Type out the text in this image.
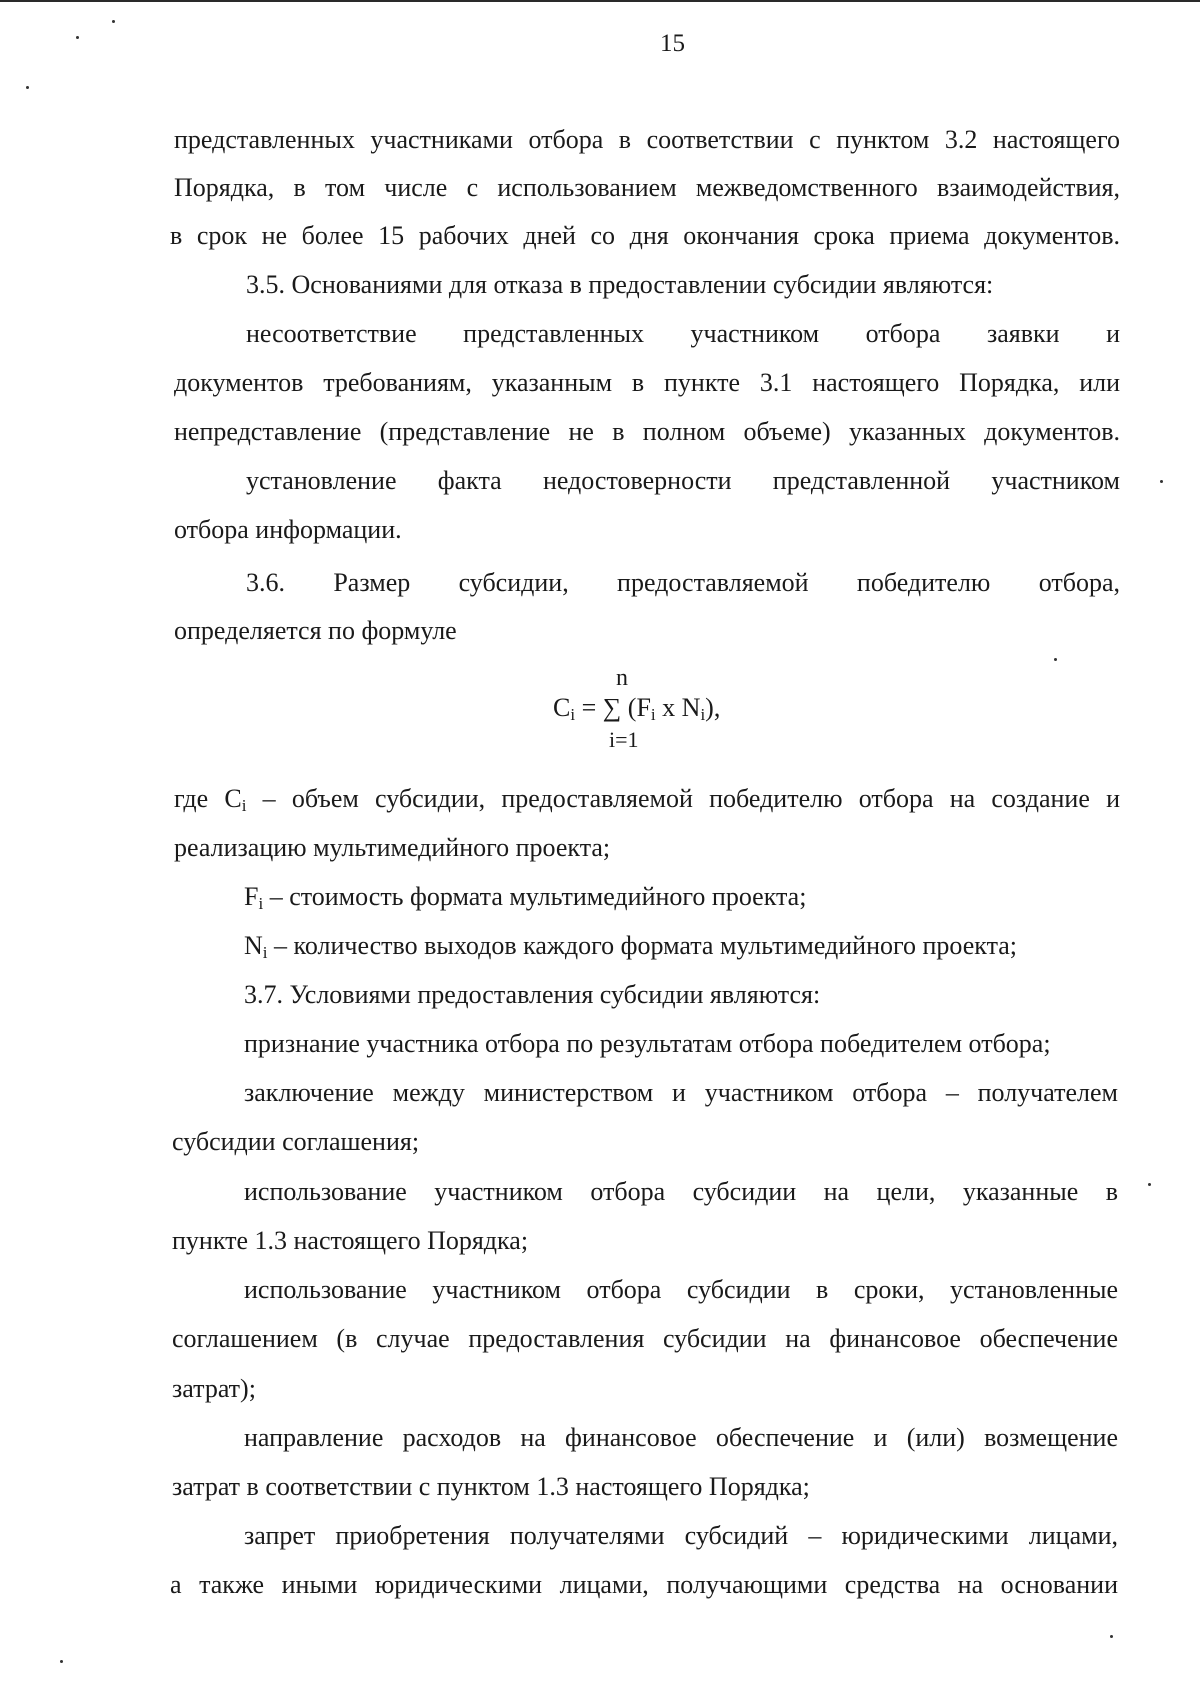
15
представленных участниками отбора в соответствии с пунктом 3.2 настоящего
Порядка, в том числе с использованием межведомственного взаимодействия,
в срок не более 15 рабочих дней со дня окончания срока приема документов.
3.5. Основаниями для отказа в предоставлении субсидии являются:
несоответствие представленных участником отбора заявки и
документов требованиям, указанным в пункте 3.1 настоящего Порядка, или
непредставление (представление не в полном объеме) указанных документов.
установление факта недостоверности представленной участником
отбора информации.
3.6. Размер субсидии, предоставляемой победителю отбора,
определяется по формуле
n
$C_i$ = ∑ ($F_i$ x $N_i$),
i=1
где $C_i$ – объем субсидии, предоставляемой победителю отбора на создание и
реализацию мультимедийного проекта;
$F_i$ – стоимость формата мультимедийного проекта;
$N_i$ – количество выходов каждого формата мультимедийного проекта;
3.7. Условиями предоставления субсидии являются:
признание участника отбора по результатам отбора победителем отбора;
заключение между министерством и участником отбора – получателем
субсидии соглашения;
использование участником отбора субсидии на цели, указанные в
пункте 1.3 настоящего Порядка;
использование участником отбора субсидии в сроки, установленные
соглашением (в случае предоставления субсидии на финансовое обеспечение
затрат);
направление расходов на финансовое обеспечение и (или) возмещение
затрат в соответствии с пунктом 1.3 настоящего Порядка;
запрет приобретения получателями субсидий – юридическими лицами,
а также иными юридическими лицами, получающими средства на основании
